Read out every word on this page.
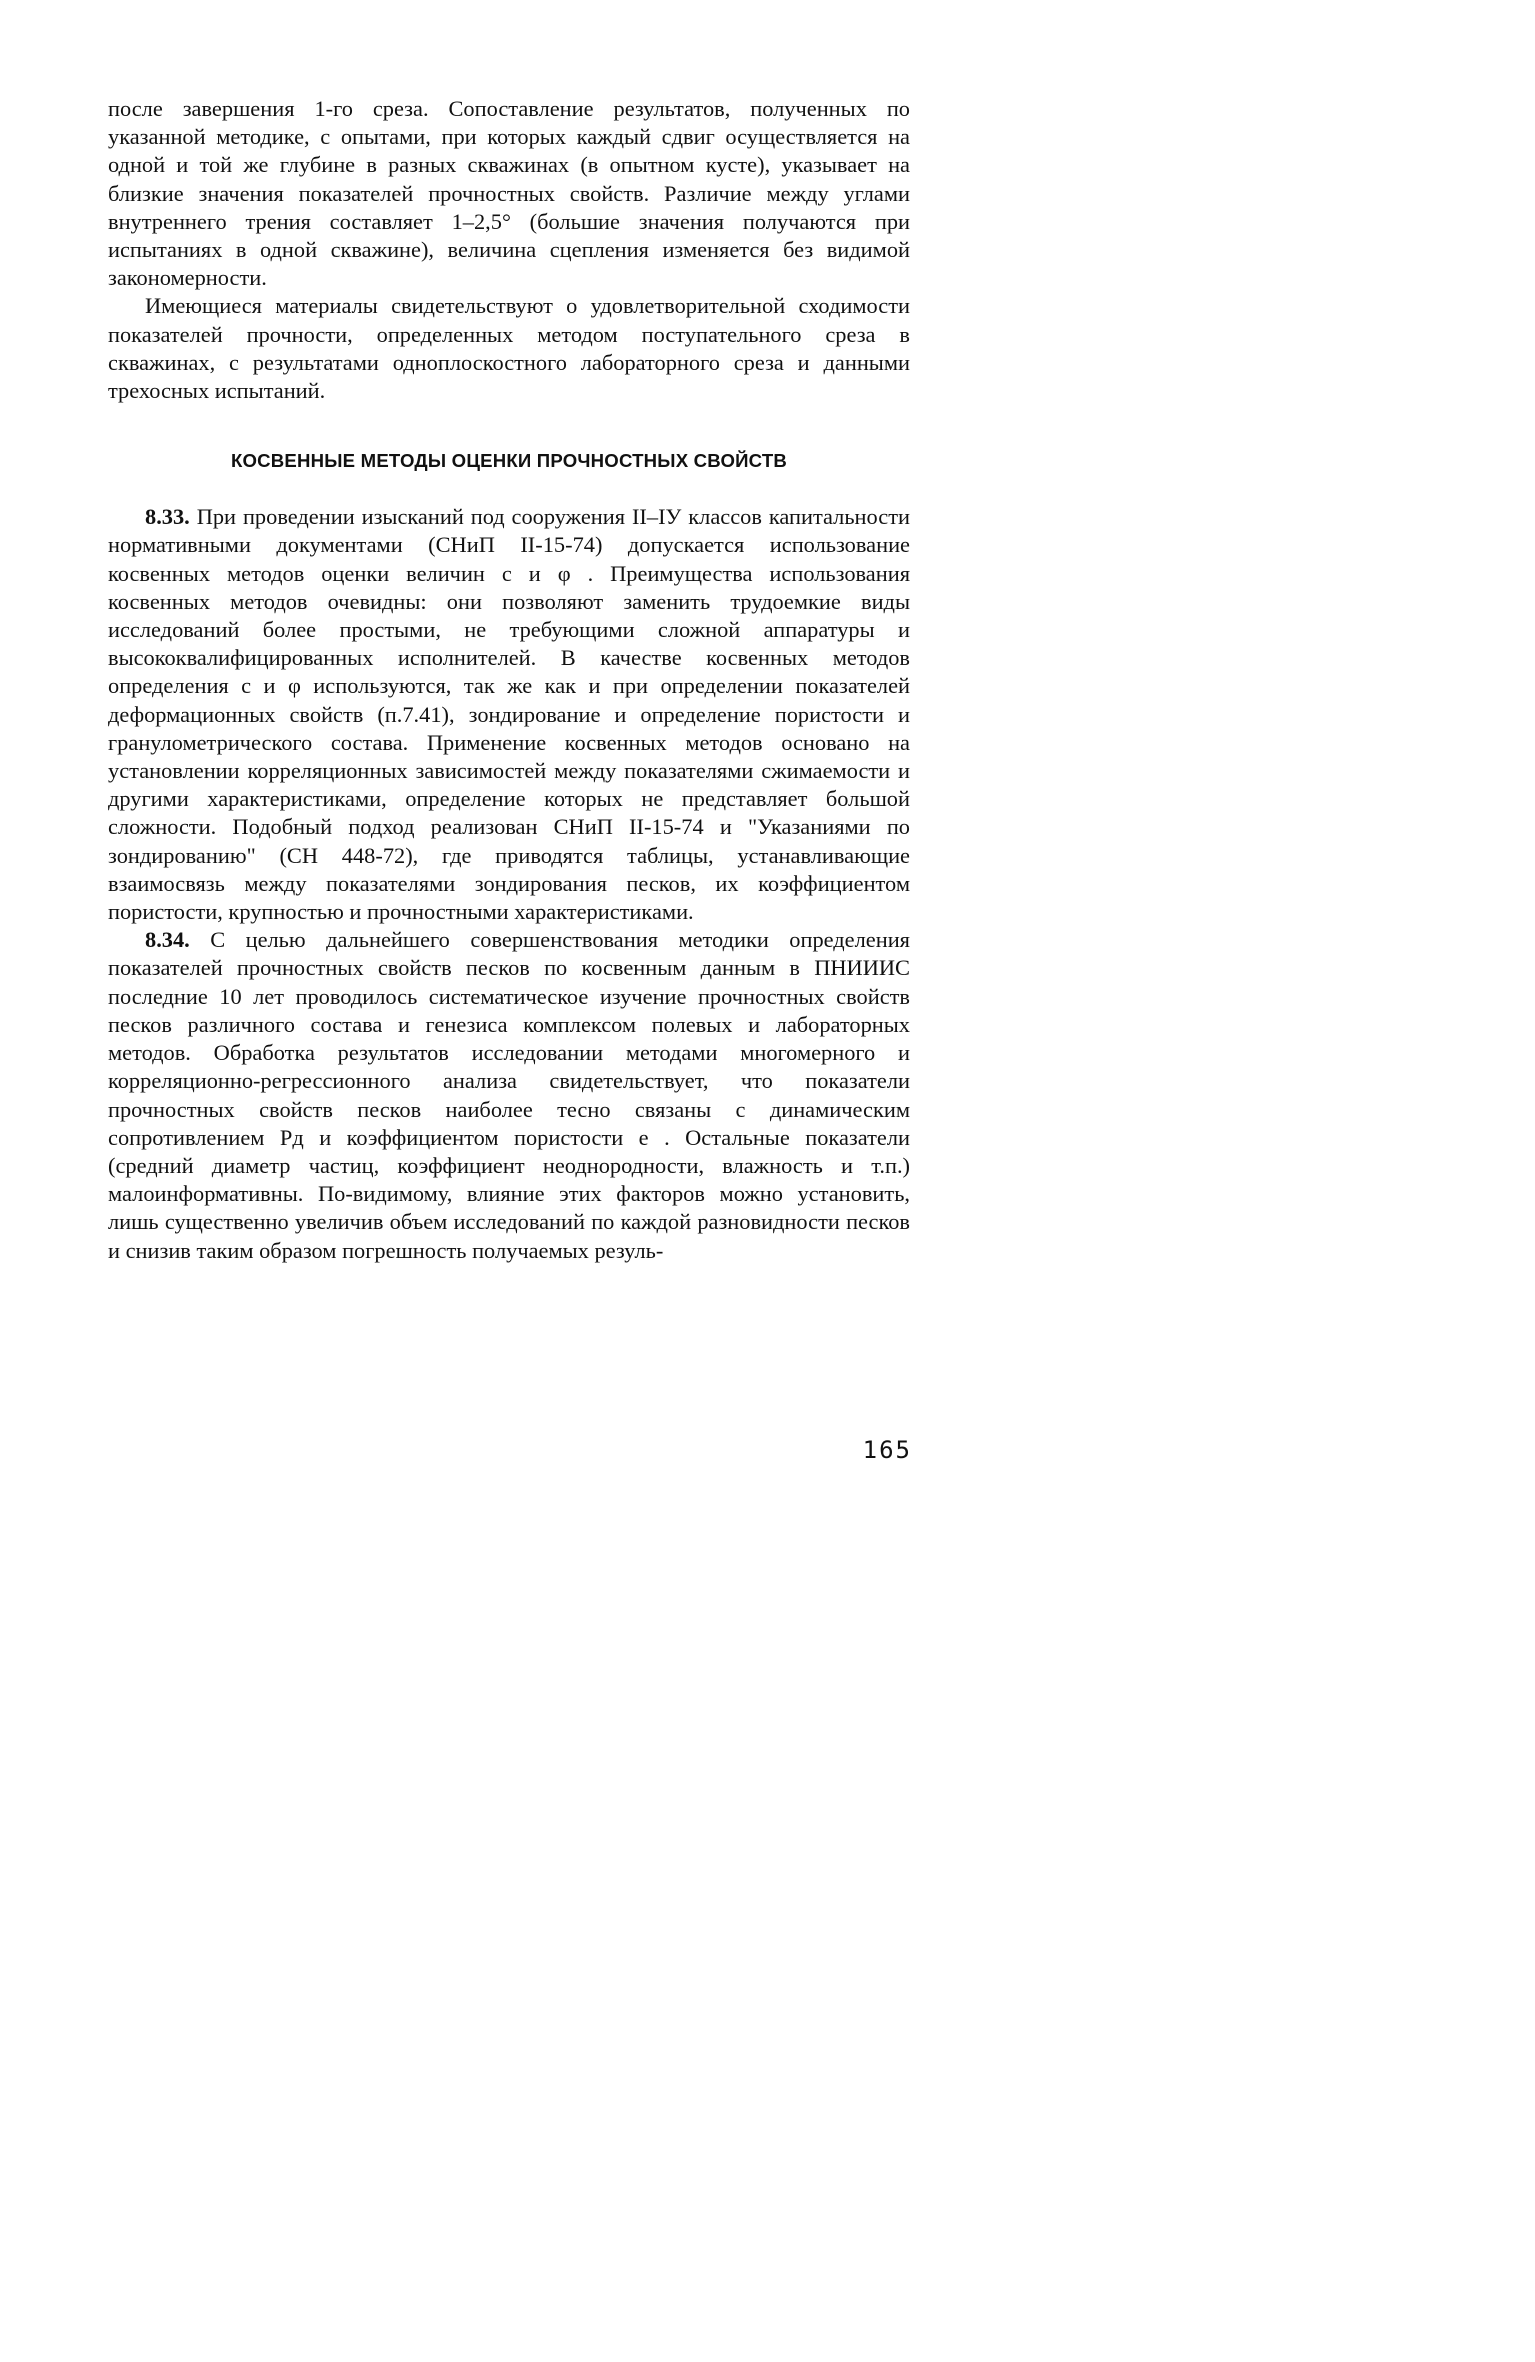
после завершения 1-го среза. Сопоставление результатов, полученных по указанной методике, с опытами, при которых каждый сдвиг осуществляется на одной и той же глубине в разных скважинах (в опытном кусте), указывает на близкие значения показателей прочностных свойств. Различие между углами внутреннего трения составляет 1–2,5° (большие значения получаются при испытаниях в одной скважине), величина сцепления изменяется без видимой закономерности.

Имеющиеся материалы свидетельствуют о удовлетворительной сходимости показателей прочности, определенных методом поступательного среза в скважинах, с результатами одноплоскостного лабораторного среза и данными трехосных испытаний.

КОСВЕННЫЕ МЕТОДЫ ОЦЕНКИ ПРОЧНОСТНЫХ СВОЙСТВ

8.33. При проведении изысканий под сооружения II–IУ классов капитальности нормативными документами (СНиП II-15-74) допускается использование косвенных методов оценки величин c и φ . Преимущества использования косвенных методов очевидны: они позволяют заменить трудоемкие виды исследований более простыми, не требующими сложной аппаратуры и высококвалифицированных исполнителей. В качестве косвенных методов определения c и φ используются, так же как и при определении показателей деформационных свойств (п.7.41), зондирование и определение пористости и гранулометрического состава. Применение косвенных методов основано на установлении корреляционных зависимостей между показателями сжимаемости и другими характеристиками, определение которых не представляет большой сложности. Подобный подход реализован СНиП II-15-74 и "Указаниями по зондированию" (СН 448-72), где приводятся таблицы, устанавливающие взаимосвязь между показателями зондирования песков, их коэффициентом пористости, крупностью и прочностными характеристиками.

8.34. С целью дальнейшего совершенствования методики определения показателей прочностных свойств песков по косвенным данным в ПНИИИС последние 10 лет проводилось систематическое изучение прочностных свойств песков различного состава и генезиса комплексом полевых и лабораторных методов. Обработка результатов исследовании методами многомерного и корреляционно-регрессионного анализа свидетельствует, что показатели прочностных свойств песков наиболее тесно связаны с динамическим сопротивлением Pд и коэффициентом пористости e . Остальные показатели (средний диаметр частиц, коэффициент неоднородности, влажность и т.п.) малоинформативны. По-видимому, влияние этих факторов можно установить, лишь существенно увеличив объем исследований по каждой разновидности песков и снизив таким образом погрешность получаемых резуль-

165
